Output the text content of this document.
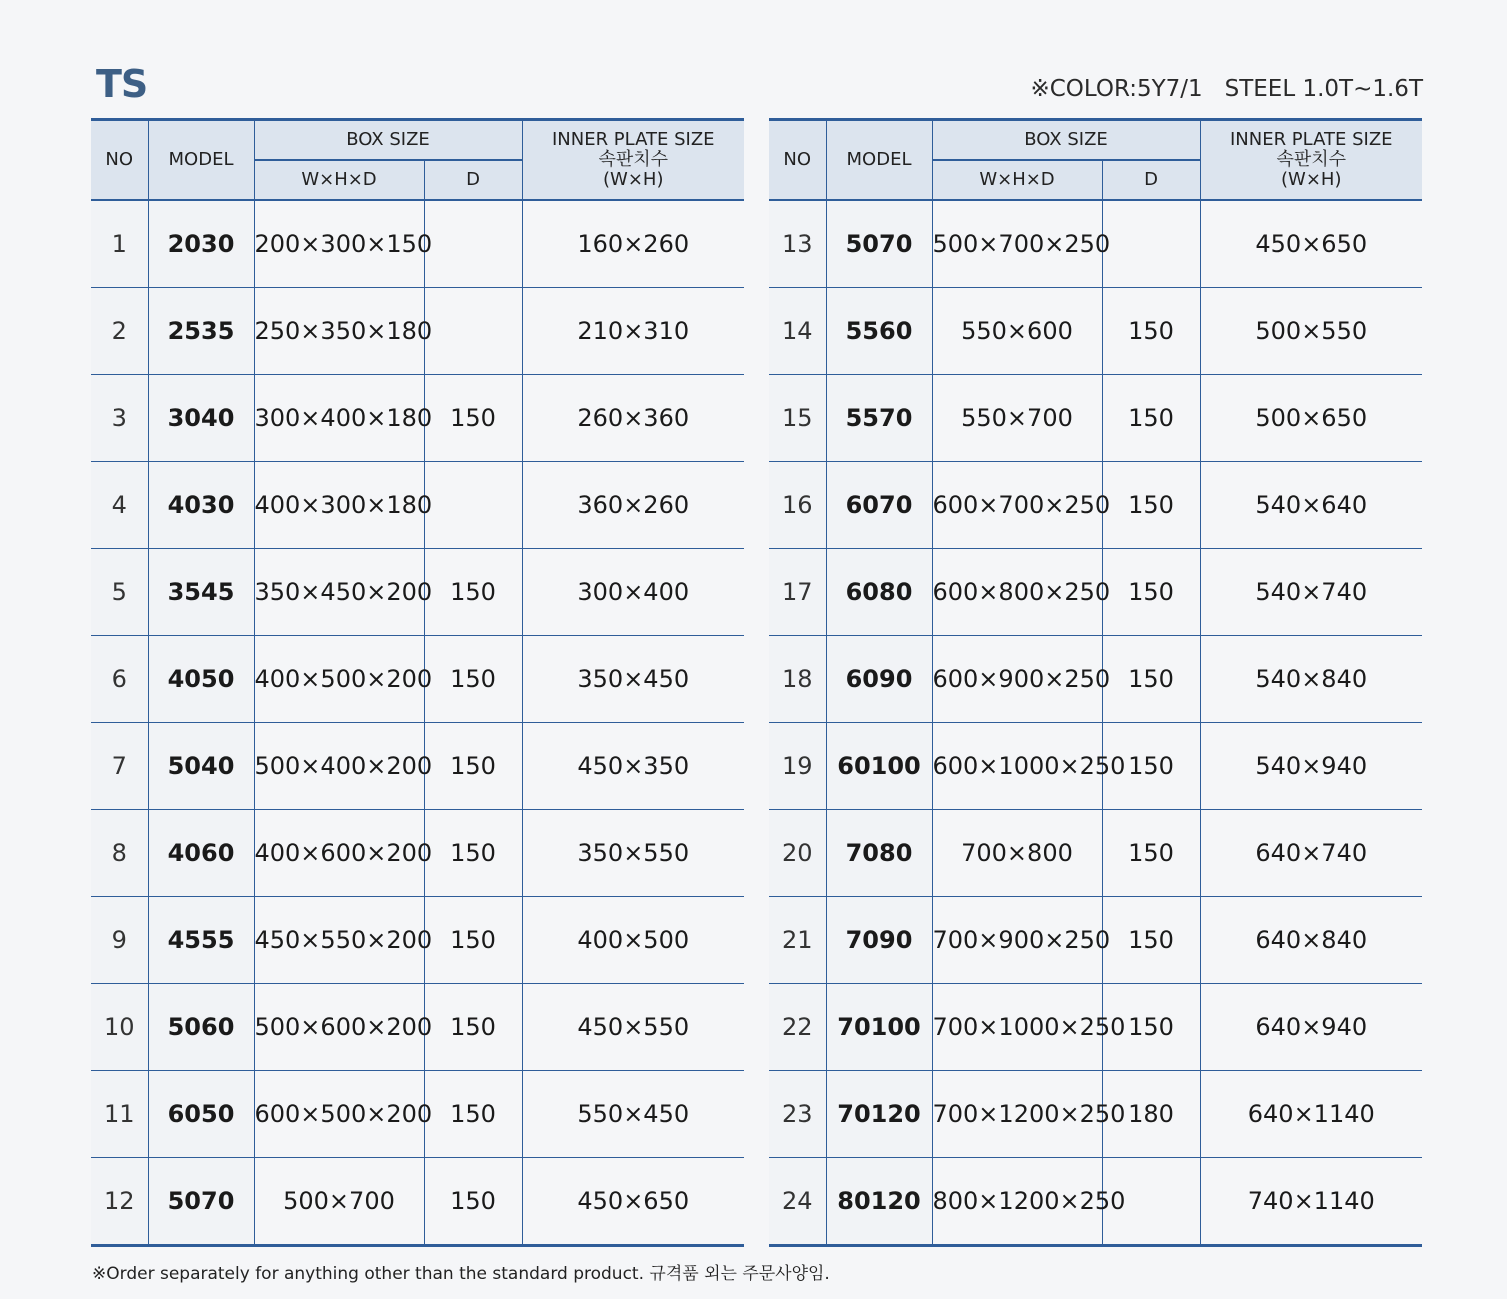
TS	※COLOR:5Y7/1   STEEL 1.0T~1.6T
NO	MODEL	BOX SIZE		INNER PLATE SIZE
속판치수
(W×H)

		W×H×D	D	
1	2030	200×300×150		160×260
2	2535	250×350×180		210×310
3	3040	300×400×180	150	260×360
4	4030	400×300×180		360×260
5	3545	350×450×200	150	300×400
6	4050	400×500×200	150	350×450
7	5040	500×400×200	150	450×350
8	4060	400×600×200	150	350×550
9	4555	450×550×200	150	400×500
10	5060	500×600×200	150	450×550
11	6050	600×500×200	150	550×450
12	5070	500×700	150	450×650
NO	MODEL	BOX SIZE		INNER PLATE SIZE
속판치수
(W×H)

		W×H×D	D	
13	5070	500×700×250		450×650
14	5560	550×600	150	500×550
15	5570	550×700	150	500×650
16	6070	600×700×250	150	540×640
17	6080	600×800×250	150	540×740
18	6090	600×900×250	150	540×840
19	60100	600×1000×250	150	540×940
20	7080	700×800	150	640×740
21	7090	700×900×250	150	640×840
22	70100	700×1000×250	150	640×940
23	70120	700×1200×250	180	640×1140
24	80120	800×1200×250		740×1140
※Order separately for anything other than the standard product. 규격품 외는 주문사양임.
